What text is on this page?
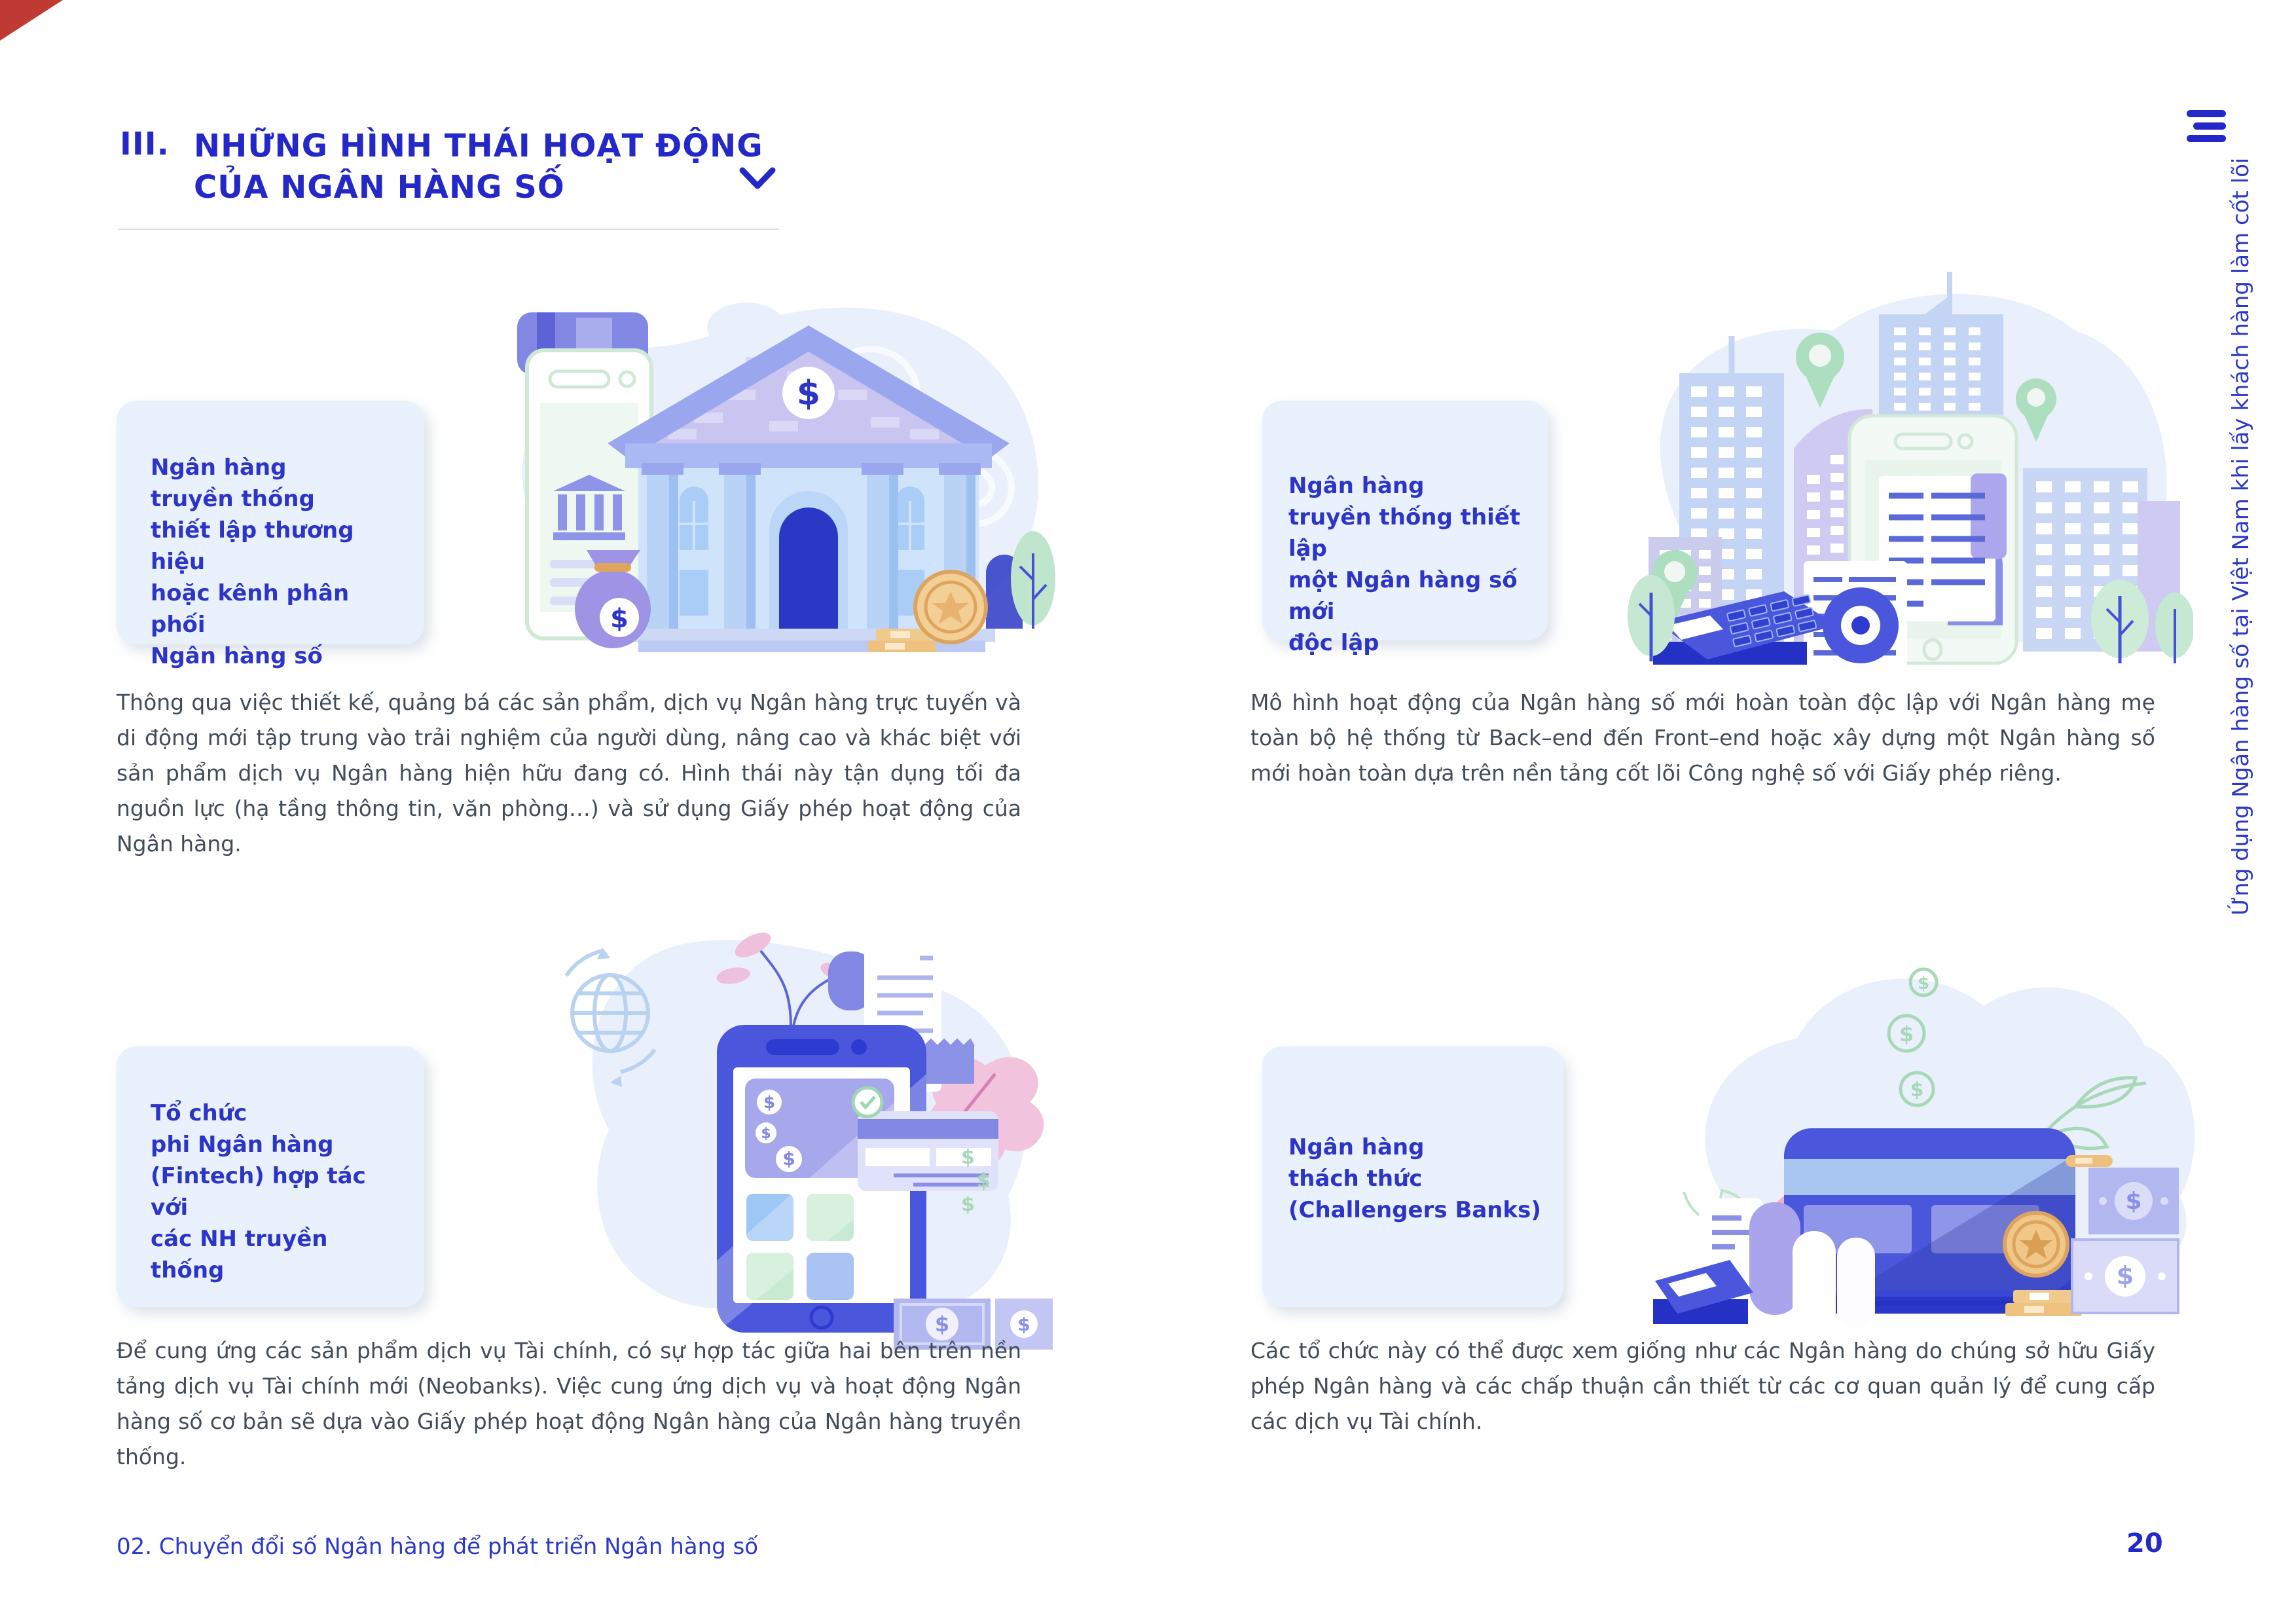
III. NHỮNG HÌNH THÁI HOẠT ĐỘNG
CỦA NGÂN HÀNG SỐ	Ứng dụng Ngân hàng số tại Việt Nam khi lấy khách hàng làm cốt lõi
Ngân hàng
truyền thống
thiết lập thương hiệu
hoặc kênh phân phối
Ngân hàng số
$
$
Thông qua việc thiết kế, quảng bá các sản phẩm, dịch vụ Ngân hàng trực tuyến và di động mới tập trung vào trải nghiệm của người dùng, nâng cao và khác biệt với sản phẩm dịch vụ Ngân hàng hiện hữu đang có. Hình thái này tận dụng tối đa nguồn lực (hạ tầng thông tin, văn phòng…) và sử dụng Giấy phép hoạt động của Ngân hàng.
Ngân hàng
truyền thống thiết lập
một Ngân hàng số mới
độc lập
Mô hình hoạt động của Ngân hàng số mới hoàn toàn độc lập với Ngân hàng mẹ toàn bộ hệ thống từ Back–end đến Front–end hoặc xây dựng một Ngân hàng số mới hoàn toàn dựa trên nền tảng cốt lõi Công nghệ số với Giấy phép riêng.
Tổ chức
phi Ngân hàng
(Fintech) hợp tác với
các NH truyền thống
$
$
$	$
$
$
$	$
Để cung ứng các sản phẩm dịch vụ Tài chính, có sự hợp tác giữa hai bên trên nền tảng dịch vụ Tài chính mới (Neobanks). Việc cung ứng dịch vụ và hoạt động Ngân hàng số cơ bản sẽ dựa vào Giấy phép hoạt động Ngân hàng của Ngân hàng truyền thống.
Ngân hàng
thách thức
(Challengers Banks)
$
$
$
$
$
Các tổ chức này có thể được xem giống như các Ngân hàng do chúng sở hữu Giấy phép Ngân hàng và các chấp thuận cần thiết từ các cơ quan quản lý để cung cấp các dịch vụ Tài chính.
02. Chuyển đổi số Ngân hàng để phát triển Ngân hàng số	20
